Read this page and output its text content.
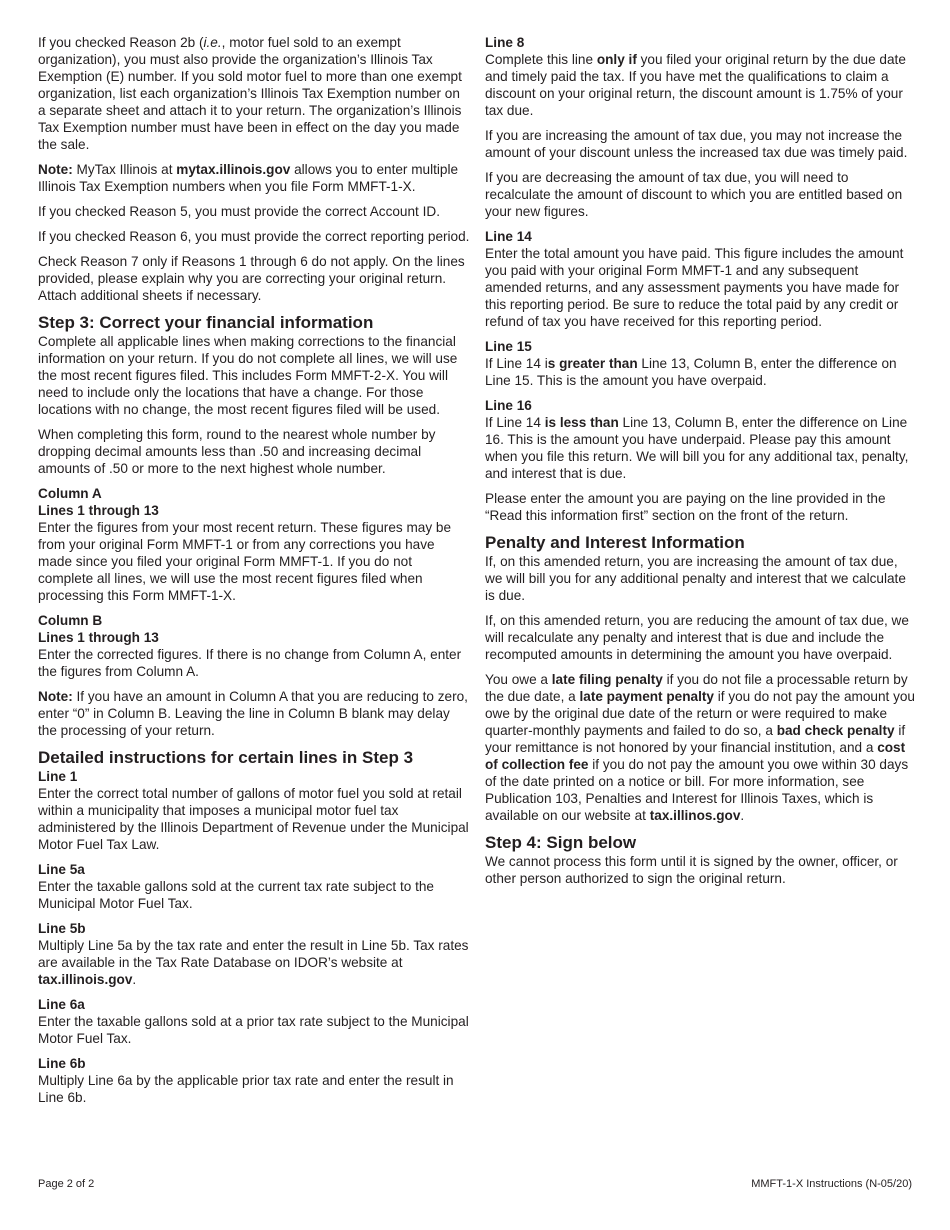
If you checked Reason 2b (i.e., motor fuel sold to an exempt organization), you must also provide the organization’s Illinois Tax Exemption (E) number. If you sold motor fuel to more than one exempt organization, list each organization’s Illinois Tax Exemption number on a separate sheet and attach it to your return. The organization’s Illinois Tax Exemption number must have been in effect on the day you made the sale.

Note: MyTax Illinois at mytax.illinois.gov allows you to enter multiple Illinois Tax Exemption numbers when you file Form MMFT-1-X.

If you checked Reason 5, you must provide the correct Account ID.

If you checked Reason 6, you must provide the correct reporting period.

Check Reason 7 only if Reasons 1 through 6 do not apply. On the lines provided, please explain why you are correcting your original return. Attach additional sheets if necessary.

Step 3: Correct your financial information

Complete all applicable lines when making corrections to the financial information on your return. If you do not complete all lines, we will use the most recent figures filed. This includes Form MMFT-2-X. You will need to include only the locations that have a change. For those locations with no change, the most recent figures filed will be used.

When completing this form, round to the nearest whole number by dropping decimal amounts less than .50 and increasing decimal amounts of .50 or more to the next highest whole number.

Column A
Lines 1 through 13

Enter the figures from your most recent return. These figures may be from your original Form MMFT-1 or from any corrections you have made since you filed your original Form MMFT-1. If you do not complete all lines, we will use the most recent figures filed when processing this Form MMFT-1-X.

Column B
Lines 1 through 13

Enter the corrected figures. If there is no change from Column A, enter the figures from Column A.

Note: If you have an amount in Column A that you are reducing to zero, enter “0” in Column B. Leaving the line in Column B blank may delay the processing of your return.

Detailed instructions for certain lines in Step 3
Line 1

Enter the correct total number of gallons of motor fuel you sold at retail within a municipality that imposes a municipal motor fuel tax administered by the Illinois Department of Revenue under the Municipal Motor Fuel Tax Law.

Line 5a

Enter the taxable gallons sold at the current tax rate subject to the Municipal Motor Fuel Tax.

Line 5b

Multiply Line 5a by the tax rate and enter the result in Line 5b. Tax rates are available in the Tax Rate Database on IDOR’s website at tax.illinois.gov.

Line 6a

Enter the taxable gallons sold at a prior tax rate subject to the Municipal Motor Fuel Tax.

Line 6b

Multiply Line 6a by the applicable prior tax rate and enter the result in Line 6b.

Line 8

Complete this line only if you filed your original return by the due date and timely paid the tax. If you have met the qualifications to claim a discount on your original return, the discount amount is 1.75% of your tax due.

If you are increasing the amount of tax due, you may not increase the amount of your discount unless the increased tax due was timely paid.

If you are decreasing the amount of tax due, you will need to recalculate the amount of discount to which you are entitled based on your new figures.

Line 14

Enter the total amount you have paid. This figure includes the amount you paid with your original Form MMFT-1 and any subsequent amended returns, and any assessment payments you have made for this reporting period. Be sure to reduce the total paid by any credit or refund of tax you have received for this reporting period.

Line 15

If Line 14 is greater than Line 13, Column B, enter the difference on Line 15. This is the amount you have overpaid.

Line 16

If Line 14 is less than Line 13, Column B, enter the difference on Line 16. This is the amount you have underpaid. Please pay this amount when you file this return. We will bill you for any additional tax, penalty, and interest that is due.

Please enter the amount you are paying on the line provided in the “Read this information first” section on the front of the return.

Penalty and Interest Information

If, on this amended return, you are increasing the amount of tax due, we will bill you for any additional penalty and interest that we calculate is due.

If, on this amended return, you are reducing the amount of tax due, we will recalculate any penalty and interest that is due and include the recomputed amounts in determining the amount you have overpaid.

You owe a late filing penalty if you do not file a processable return by the due date, a late payment penalty if you do not pay the amount you owe by the original due date of the return or were required to make quarter-monthly payments and failed to do so, a bad check penalty if your remittance is not honored by your financial institution, and a cost of collection fee if you do not pay the amount you owe within 30 days of the date printed on a notice or bill. For more information, see Publication 103, Penalties and Interest for Illinois Taxes, which is available on our website at tax.illinos.gov.

Step 4: Sign below

We cannot process this form until it is signed by the owner, officer, or other person authorized to sign the original return.

Page 2 of 2	MMFT-1-X Instructions (N-05/20)
